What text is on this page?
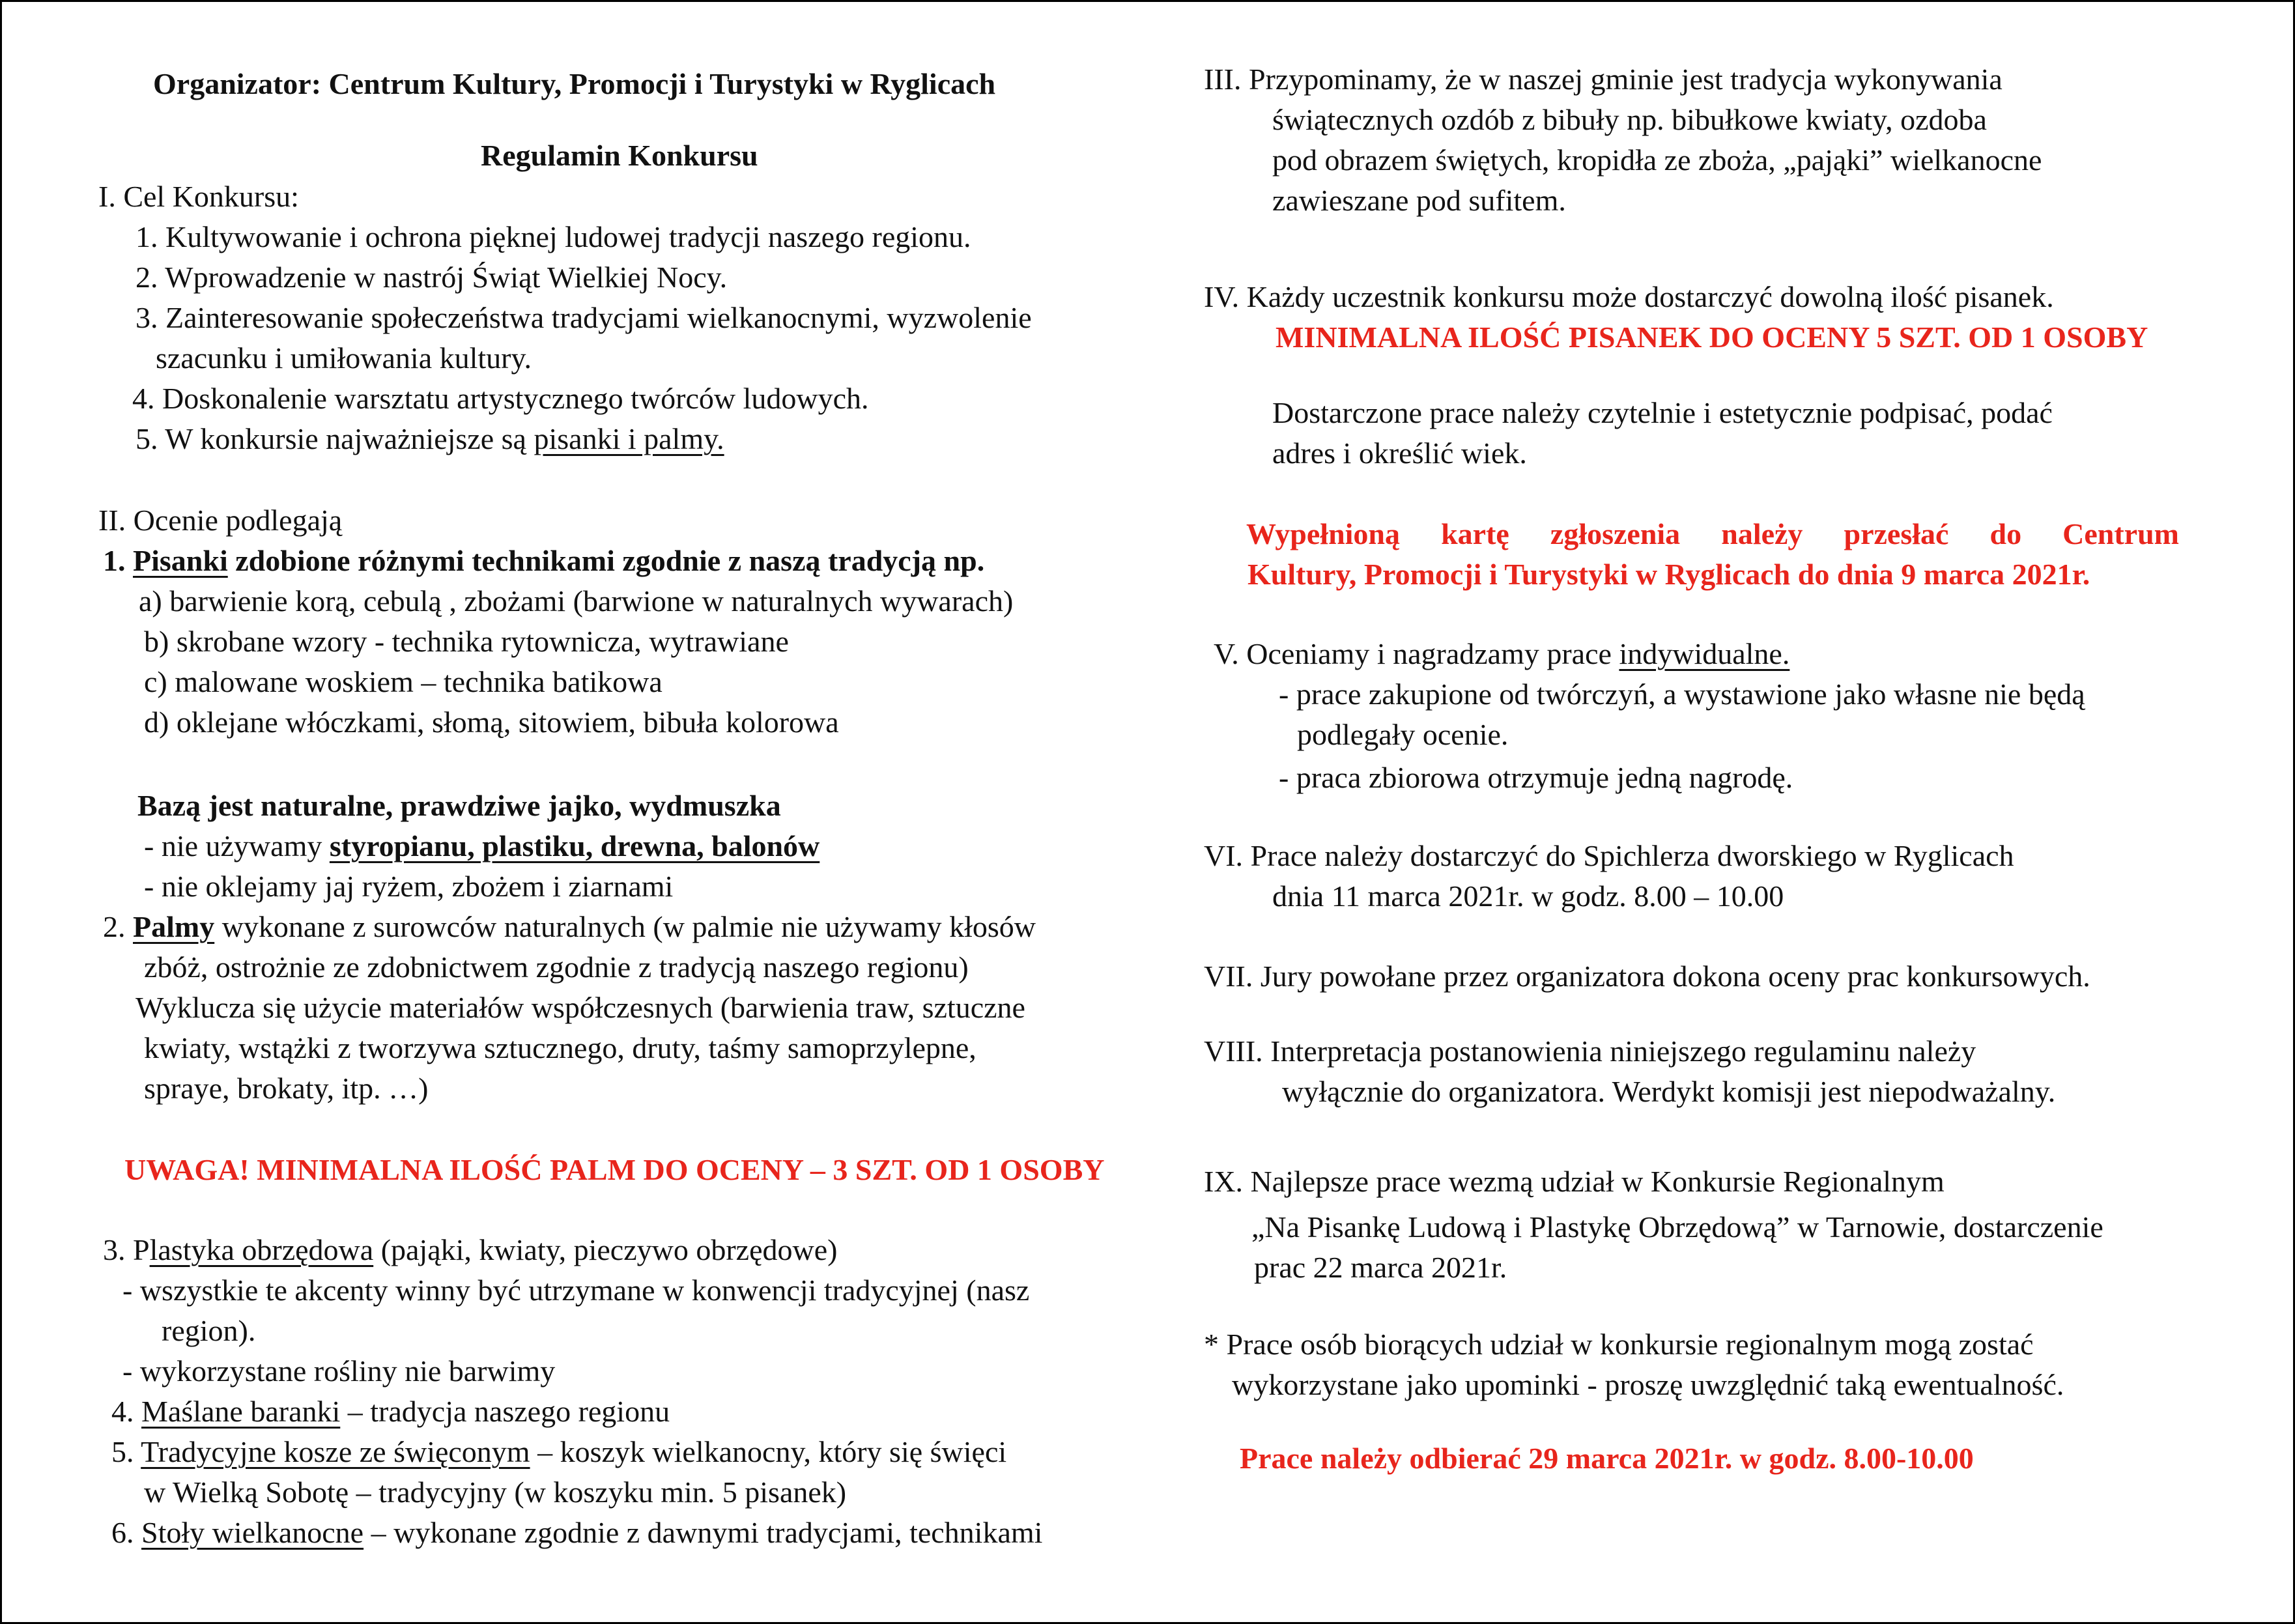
Organizator: Centrum Kultury, Promocji i Turystyki w Ryglicach
Regulamin Konkursu
I. Cel Konkursu:
1. Kultywowanie i ochrona pięknej ludowej tradycji naszego regionu.
2. Wprowadzenie w nastrój Świąt Wielkiej Nocy.
3. Zainteresowanie społeczeństwa tradycjami wielkanocnymi, wyzwolenie
szacunku i umiłowania kultury.
4. Doskonalenie warsztatu artystycznego twórców ludowych.
5. W konkursie najważniejsze są pisanki i palmy.
II. Ocenie podlegają
1. Pisanki zdobione różnymi technikami zgodnie z naszą tradycją np.
a) barwienie korą, cebulą , zbożami (barwione w naturalnych wywarach)
b) skrobane wzory - technika rytownicza, wytrawiane
c) malowane woskiem – technika batikowa
d) oklejane włóczkami, słomą, sitowiem, bibuła kolorowa
Bazą jest naturalne, prawdziwe jajko, wydmuszka
- nie używamy styropianu, plastiku, drewna, balonów
- nie oklejamy jaj ryżem, zbożem i ziarnami
2. Palmy wykonane z surowców naturalnych (w palmie nie używamy kłosów
zbóż, ostrożnie ze zdobnictwem zgodnie z tradycją naszego regionu)
Wyklucza się użycie materiałów współczesnych (barwienia traw, sztuczne
kwiaty, wstążki z tworzywa sztucznego, druty, taśmy samoprzylepne,
spraye, brokaty, itp. …)
UWAGA! MINIMALNA ILOŚĆ PALM DO OCENY – 3 SZT. OD 1 OSOBY
3. Plastyka obrzędowa (pająki, kwiaty, pieczywo obrzędowe)
- wszystkie te akcenty winny być utrzymane w konwencji tradycyjnej (nasz
region).
- wykorzystane rośliny nie barwimy
4. Maślane baranki – tradycja naszego regionu
5. Tradycyjne kosze ze święconym – koszyk wielkanocny, który się święci
w Wielką Sobotę – tradycyjny (w koszyku min. 5 pisanek)
6. Stoły wielkanocne – wykonane zgodnie z dawnymi tradycjami, technikami
III. Przypominamy, że w naszej gminie jest tradycja wykonywania
świątecznych ozdób z bibuły np. bibułkowe kwiaty, ozdoba
pod obrazem świętych, kropidła ze zboża, „pająki” wielkanocne
zawieszane pod sufitem.
IV. Każdy uczestnik konkursu może dostarczyć dowolną ilość pisanek.
MINIMALNA ILOŚĆ PISANEK DO OCENY 5 SZT. OD 1 OSOBY
Dostarczone prace należy czytelnie i estetycznie podpisać, podać
adres i określić wiek.
Wypełnioną kartę zgłoszenia należy przesłać do Centrum
Kultury, Promocji i Turystyki w Ryglicach do dnia 9 marca 2021r.
V. Oceniamy i nagradzamy prace indywidualne.
- prace zakupione od twórczyń, a wystawione jako własne nie będą
podlegały ocenie.
- praca zbiorowa otrzymuje jedną nagrodę.
VI. Prace należy dostarczyć do Spichlerza dworskiego w Ryglicach
dnia 11 marca 2021r. w godz. 8.00 – 10.00
VII. Jury powołane przez organizatora dokona oceny prac konkursowych.
VIII. Interpretacja postanowienia niniejszego regulaminu należy
wyłącznie do organizatora. Werdykt komisji jest niepodważalny.
IX. Najlepsze prace wezmą udział w Konkursie Regionalnym
„Na Pisankę Ludową i Plastykę Obrzędową” w Tarnowie, dostarczenie
prac 22 marca 2021r.
* Prace osób biorących udział w konkursie regionalnym mogą zostać
wykorzystane jako upominki - proszę uwzględnić taką ewentualność.
Prace należy odbierać 29 marca 2021r. w godz. 8.00-10.00
